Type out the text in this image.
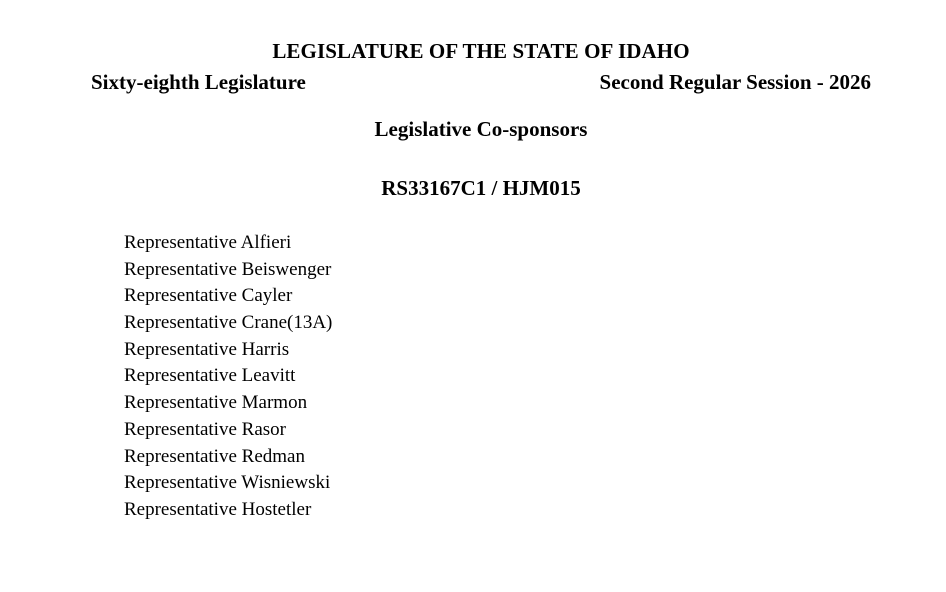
LEGISLATURE OF THE STATE OF IDAHO
Sixty-eighth Legislature	Second Regular Session - 2026
Legislative Co-sponsors
RS33167C1 / HJM015
Representative Alfieri
Representative Beiswenger
Representative Cayler
Representative Crane(13A)
Representative Harris
Representative Leavitt
Representative Marmon
Representative Rasor
Representative Redman
Representative Wisniewski
Representative Hostetler
